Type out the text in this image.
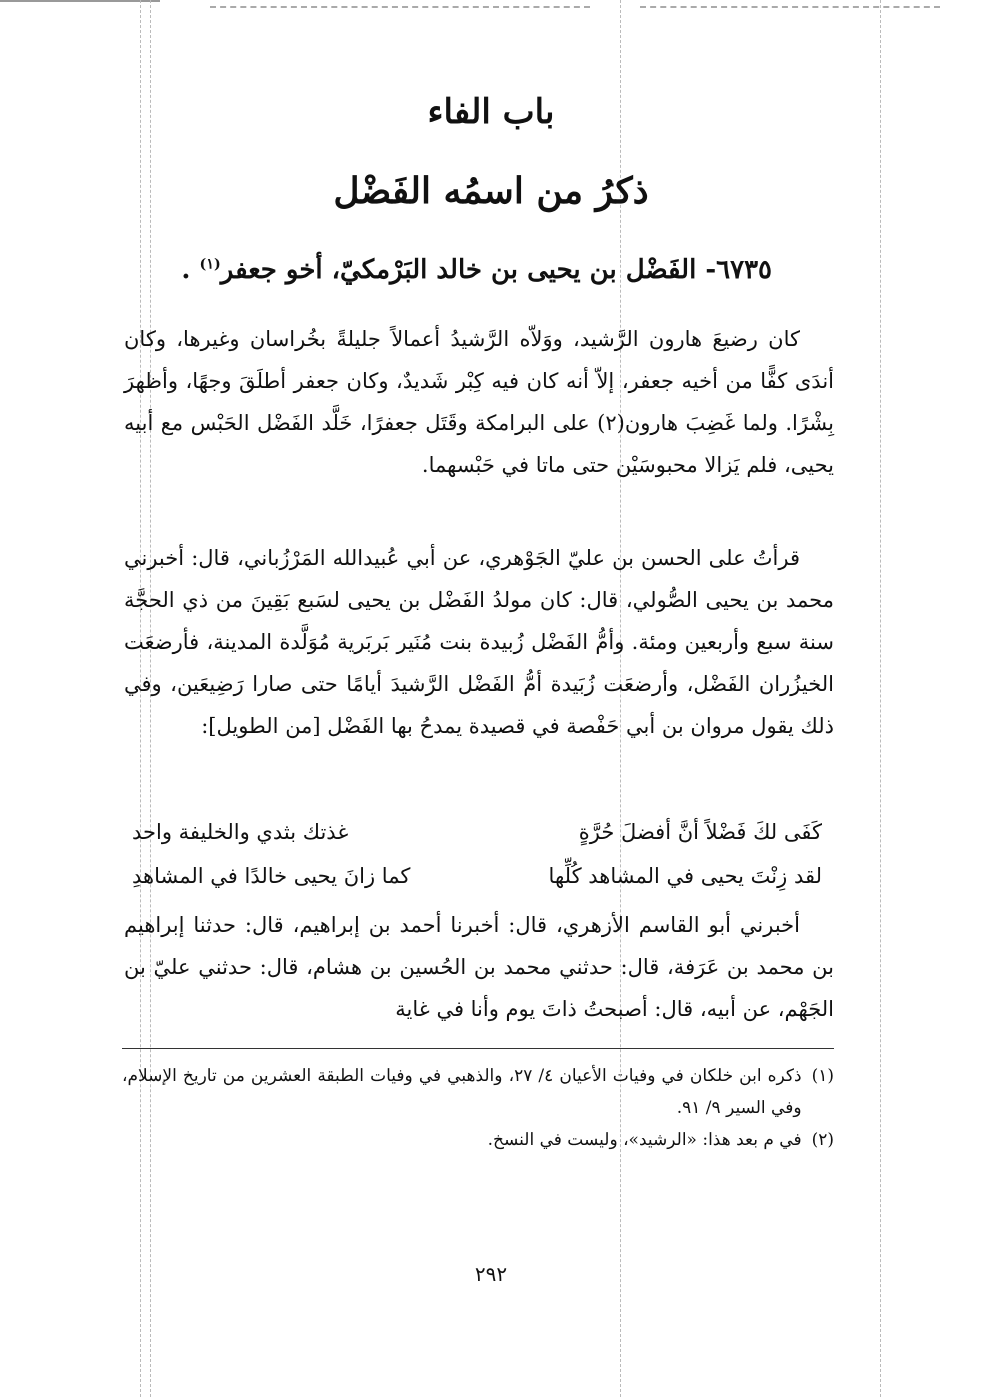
باب الفاء
ذكرُ من اسمُه الفَضْل
٦٧٣٥- الفَضْل بن يحيى بن خالد البَرْمكيّ، أخو جعفر$^{(١)}$ .
كان رضيعَ هارون الرَّشيد، ووَلاّه الرَّشيدُ أعمالاً جليلةً بخُراسان وغيرها، وكان أندَى كفًّا من أخيه جعفر، إلاّ أنه كان فيه كِبْر شَديدٌ، وكان جعفر أطلَقَ وجهًا، وأظهرَ بِشْرًا. ولما غَضِبَ هارون(٢) على البرامكة وقَتَل جعفرًا، خَلَّد الفَضْل الحَبْس مع أبيه يحيى، فلم يَزالا محبوسَيْن حتى ماتا في حَبْسهما.
قرأتُ على الحسن بن عليّ الجَوْهري، عن أبي عُبيدالله المَرْزُباني، قال: أخبرني محمد بن يحيى الصُّولي، قال: كان مولدُ الفَضْل بن يحيى لسَبع بَقِينَ من ذي الحجَّة سنة سبع وأربعين ومئة. وأمُّ الفَضْل زُبيدة بنت مُنَير بَربَرية مُوَلَّدة المدينة، فأرضعَت الخيزُران الفَضْل، وأرضعَت زُبَيدة أمُّ الفَضْل الرَّشيدَ أيامًا حتى صارا رَضِيعَين، وفي ذلك يقول مروان بن أبي حَفْصة في قصيدة يمدحُ بها الفَضْل [من الطويل]:
كَفَى لكَ فَضْلاً أنَّ أفضلَ حُرَّةٍ
غذتك بثدي والخليفة واحد
لقد زِنْتَ يحيى في المشاهد كُلِّها
كما زانَ يحيى خالدًا في المشاهدِ
أخبرني أبو القاسم الأزهري، قال: أخبرنا أحمد بن إبراهيم، قال: حدثنا إبراهيم بن محمد بن عَرَفة، قال: حدثني محمد بن الحُسين بن هشام، قال: حدثني عليّ بن الجَهْم، عن أبيه، قال: أصبحتُ ذاتَ يوم وأنا في غاية
(١)
ذكره ابن خلكان في وفيات الأعيان ٤/ ٢٧، والذهبي في وفيات الطبقة العشرين من تاريخ الإسلام، وفي السير ٩/ ٩١.
(٢)
في م بعد هذا: «الرشيد»، وليست في النسخ.
٢٩٢
